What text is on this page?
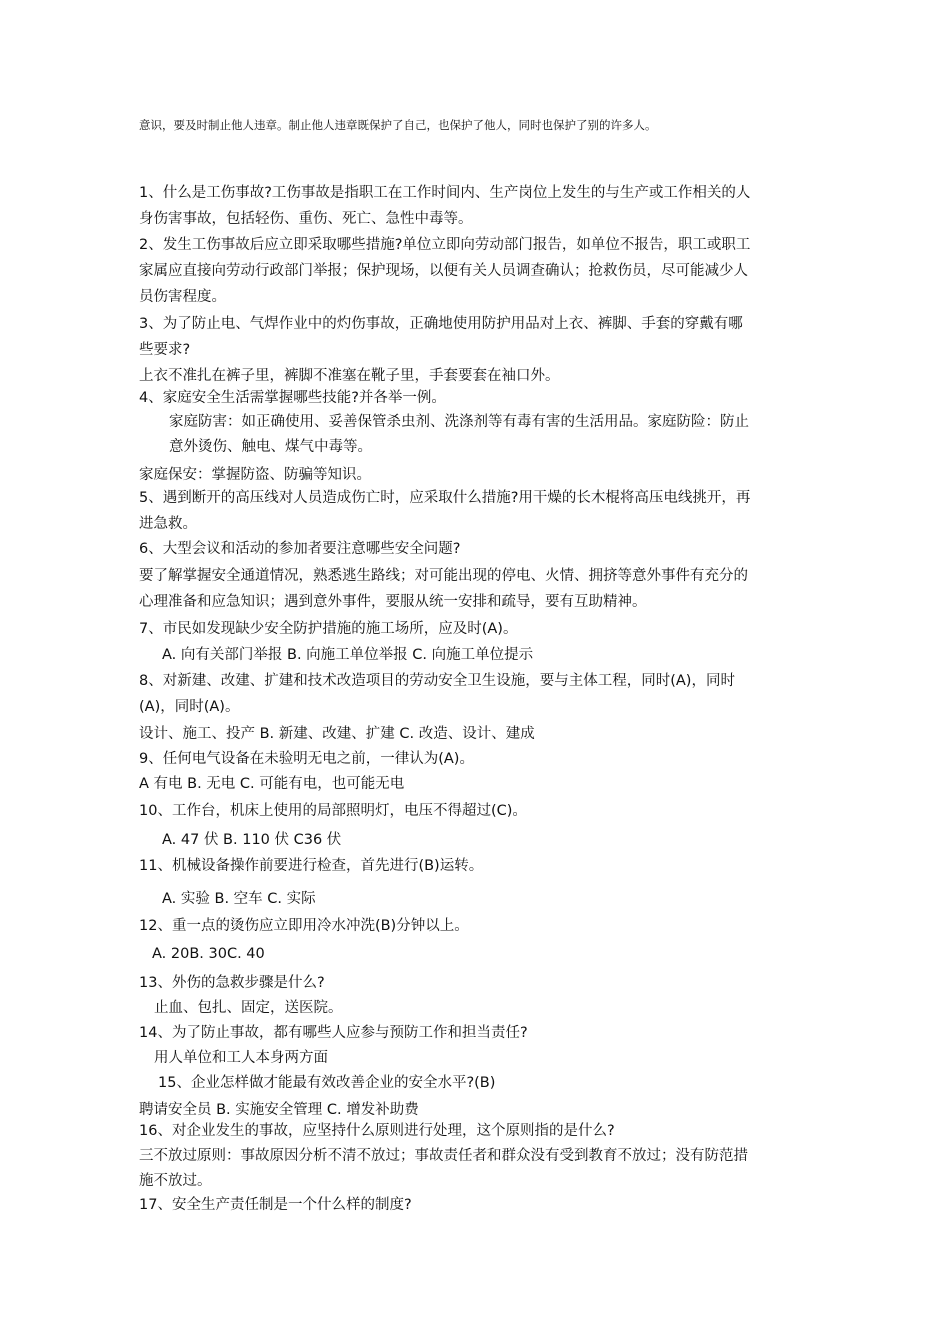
意识，要及时制止他人违章。制止他人违章既保护了自己，也保护了他人，同时也保护了别的许多人。
1、什么是工伤事故?工伤事故是指职工在工作时间内、生产岗位上发生的与生产或工作相关的人
身伤害事故，包括轻伤、重伤、死亡、急性中毒等。
2、发生工伤事故后应立即采取哪些措施?单位立即向劳动部门报告，如单位不报告，职工或职工
家属应直接向劳动行政部门举报；保护现场，以便有关人员调查确认；抢救伤员，尽可能减少人
员伤害程度。
3、为了防止电、气焊作业中的灼伤事故，正确地使用防护用品对上衣、裤脚、手套的穿戴有哪
些要求?
上衣不准扎在裤子里，裤脚不准塞在靴子里，手套要套在袖口外。
4、家庭安全生活需掌握哪些技能?并各举一例。
家庭防害：如正确使用、妥善保管杀虫剂、洗涤剂等有毒有害的生活用品。家庭防险：防止
意外烫伤、触电、煤气中毒等。
家庭保安：掌握防盗、防骗等知识。
5、遇到断开的高压线对人员造成伤亡时，应采取什么措施?用干燥的长木棍将高压电线挑开，再
进急救。
6、大型会议和活动的参加者要注意哪些安全问题?
要了解掌握安全通道情况，熟悉逃生路线；对可能出现的停电、火情、拥挤等意外事件有充分的
心理准备和应急知识；遇到意外事件，要服从统一安排和疏导，要有互助精神。
7、市民如发现缺少安全防护措施的施工场所，应及时(A)。
A. 向有关部门举报 B. 向施工单位举报 C. 向施工单位提示
8、对新建、改建、扩建和技术改造项目的劳动安全卫生设施，要与主体工程，同时(A)，同时
(A)，同时(A)。
设计、施工、投产 B. 新建、改建、扩建 C. 改造、设计、建成
9、任何电气设备在未验明无电之前，一律认为(A)。
A 有电 B. 无电 C. 可能有电，也可能无电
10、工作台，机床上使用的局部照明灯，电压不得超过(C)。
A. 47 伏 B. 110 伏 C36 伏
11、机械设备操作前要进行检查，首先进行(B)运转。
A. 实验 B. 空车 C. 实际
12、重一点的烫伤应立即用冷水冲洗(B)分钟以上。
A. 20B. 30C. 40
13、外伤的急救步骤是什么?
止血、包扎、固定，送医院。
14、为了防止事故，都有哪些人应参与预防工作和担当责任?
用人单位和工人本身两方面
15、企业怎样做才能最有效改善企业的安全水平?(B)
聘请安全员 B. 实施安全管理 C. 增发补助费
16、对企业发生的事故，应坚持什么原则进行处理，这个原则指的是什么?
三不放过原则：事故原因分析不清不放过；事故责任者和群众没有受到教育不放过；没有防范措
施不放过。
17、安全生产责任制是一个什么样的制度?
